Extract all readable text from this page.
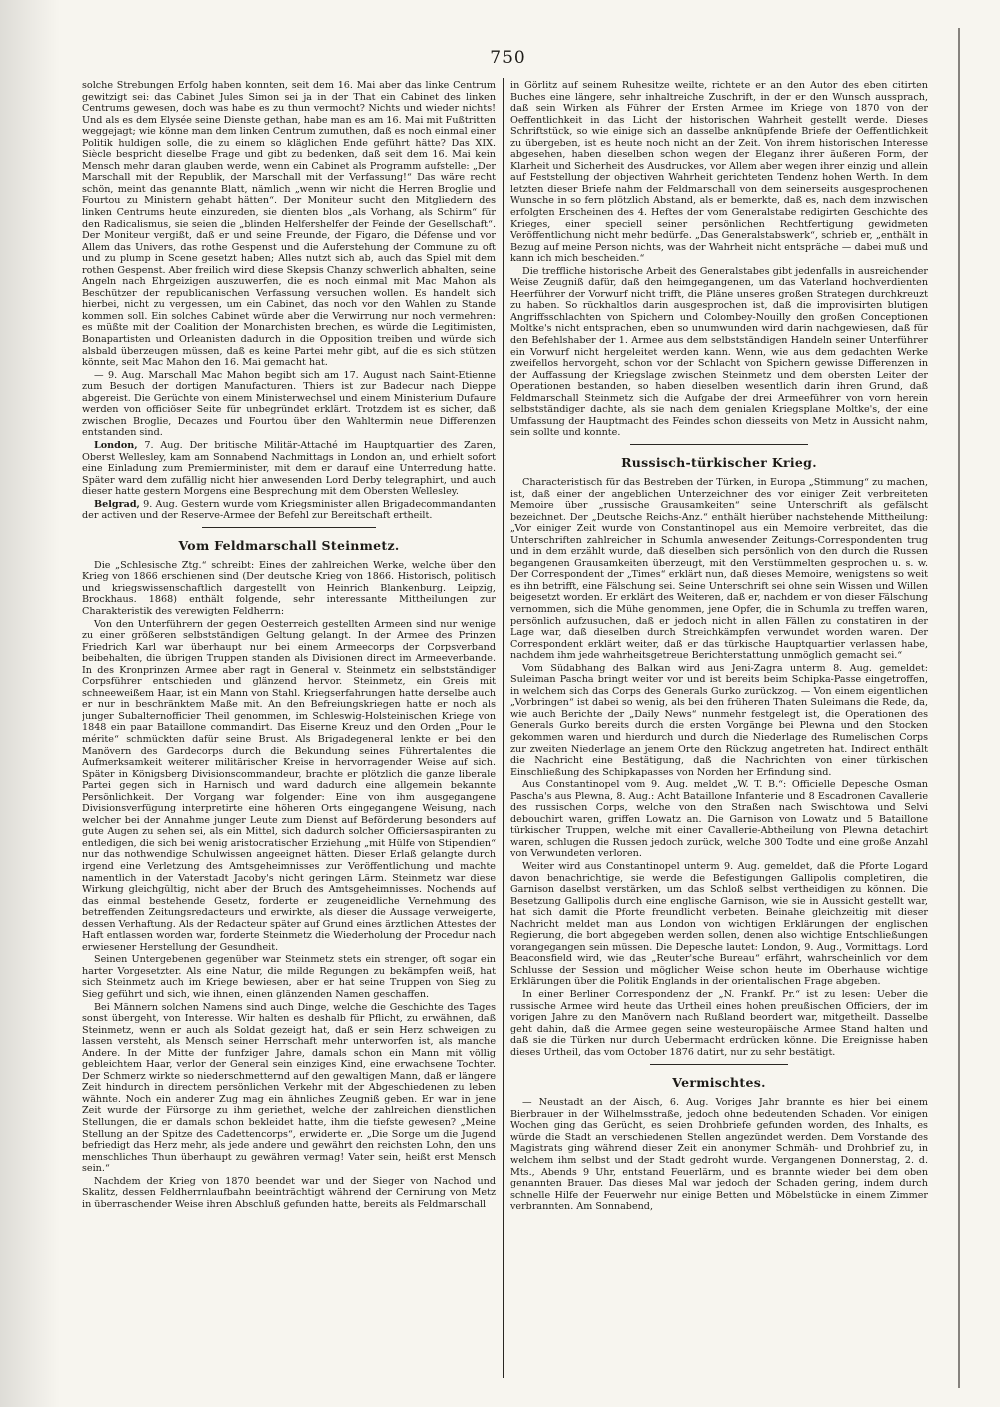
750

solche Strebungen Erfolg haben konnten, seit dem 16. Mai aber das linke Centrum gewitzigt sei: das Cabinet Jules Simon sei ja in der That ein Cabinet des linken Centrums gewesen, doch was habe es zu thun vermocht? Nichts und wieder nichts! Und als es dem Elysée seine Dienste gethan, habe man es am 16. Mai mit Fußtritten weggejagt; wie könne man dem linken Centrum zumuthen, daß es noch einmal einer Politik huldigen solle, die zu einem so kläglichen Ende geführt hätte? Das XIX. Siècle bespricht dieselbe Frage und gibt zu bedenken, daß seit dem 16. Mai kein Mensch mehr daran glauben werde, wenn ein Cabinet als Programm aufstelle: „Der Marschall mit der Republik, der Marschall mit der Verfassung!“ Das wäre recht schön, meint das genannte Blatt, nämlich „wenn wir nicht die Herren Broglie und Fourtou zu Ministern gehabt hätten“. Der Moniteur sucht den Mitgliedern des linken Centrums heute einzureden, sie dienten blos „als Vorhang, als Schirm“ für den Radicalismus, sie seien die „blinden Helfershelfer der Feinde der Gesellschaft“. Der Moniteur vergißt, daß er und seine Freunde, der Figaro, die Défense und vor Allem das Univers, das rothe Gespenst und die Auferstehung der Commune zu oft und zu plump in Scene gesetzt haben; Alles nutzt sich ab, auch das Spiel mit dem rothen Gespenst. Aber freilich wird diese Skepsis Chanzy schwerlich abhalten, seine Angeln nach Ehrgeizigen auszuwerfen, die es noch einmal mit Mac Mahon als Beschützer der republicanischen Verfassung versuchen wollen. Es handelt sich hierbei, nicht zu vergessen, um ein Cabinet, das noch vor den Wahlen zu Stande kommen soll. Ein solches Cabinet würde aber die Verwirrung nur noch vermehren: es müßte mit der Coalition der Monarchisten brechen, es würde die Legitimisten, Bonapartisten und Orleanisten dadurch in die Opposition treiben und würde sich alsbald überzeugen müssen, daß es keine Partei mehr gibt, auf die es sich stützen könnte, seit Mac Mahon den 16. Mai gemacht hat.

— 9. Aug. Marschall Mac Mahon begibt sich am 17. August nach Saint-Etienne zum Besuch der dortigen Manufacturen. Thiers ist zur Badecur nach Dieppe abgereist. Die Gerüchte von einem Ministerwechsel und einem Ministerium Dufaure werden von officiöser Seite für unbegründet erklärt. Trotzdem ist es sicher, daß zwischen Broglie, Decazes und Fourtou über den Wahltermin neue Differenzen entstanden sind.

London, 7. Aug. Der britische Militär-Attaché im Hauptquartier des Zaren, Oberst Wellesley, kam am Sonnabend Nachmittags in London an, und erhielt sofort eine Einladung zum Premierminister, mit dem er darauf eine Unterredung hatte. Später ward dem zufällig nicht hier anwesenden Lord Derby telegraphirt, und auch dieser hatte gestern Morgens eine Besprechung mit dem Obersten Wellesley.

Belgrad, 9. Aug. Gestern wurde vom Kriegsminister allen Brigadecommandanten der activen und der Reserve-Armee der Befehl zur Bereitschaft ertheilt.

Vom Feldmarschall Steinmetz.

Die „Schlesische Ztg.“ schreibt: Eines der zahlreichen Werke, welche über den Krieg von 1866 erschienen sind (Der deutsche Krieg von 1866. Historisch, politisch und kriegswissenschaftlich dargestellt von Heinrich Blankenburg. Leipzig, Brockhaus. 1868) enthält folgende, sehr interessante Mittheilungen zur Charakteristik des verewigten Feldherrn:

Von den Unterführern der gegen Oesterreich gestellten Armeen sind nur wenige zu einer größeren selbstständigen Geltung gelangt. In der Armee des Prinzen Friedrich Karl war überhaupt nur bei einem Armeecorps der Corpsverband beibehalten, die übrigen Truppen standen als Divisionen direct im Armeeverbande. In des Kronprinzen Armee aber ragt in General v. Steinmetz ein selbstständiger Corpsführer entschieden und glänzend hervor. Steinmetz, ein Greis mit schneeweißem Haar, ist ein Mann von Stahl. Kriegserfahrungen hatte derselbe auch er nur in beschränktem Maße mit. An den Befreiungskriegen hatte er noch als junger Subalternofficier Theil genommen, im Schleswig-Holsteinischen Kriege von 1848 ein paar Bataillone commandirt. Das Eiserne Kreuz und den Orden „Pour le mérite“ schmückten dafür seine Brust. Als Brigadegeneral lenkte er bei den Manövern des Gardecorps durch die Bekundung seines Führertalentes die Aufmerksamkeit weiterer militärischer Kreise in hervorragender Weise auf sich. Später in Königsberg Divisionscommandeur, brachte er plötzlich die ganze liberale Partei gegen sich in Harnisch und ward dadurch eine allgemein bekannte Persönlichkeit. Der Vorgang war folgender: Eine von ihm ausgegangene Divisionsverfügung interpretirte eine höheren Orts eingegangene Weisung, nach welcher bei der Annahme junger Leute zum Dienst auf Beförderung besonders auf gute Augen zu sehen sei, als ein Mittel, sich dadurch solcher Officiersaspiranten zu entledigen, die sich bei wenig aristocratischer Erziehung „mit Hülfe von Stipendien“ nur das nothwendige Schulwissen angeeignet hätten. Dieser Erlaß gelangte durch irgend eine Verletzung des Amtsgeheimnisses zur Veröffentlichung und machte namentlich in der Vaterstadt Jacoby's nicht geringen Lärm. Steinmetz war diese Wirkung gleichgültig, nicht aber der Bruch des Amtsgeheimnisses. Nochends auf das einmal bestehende Gesetz, forderte er zeugeneidliche Vernehmung des betreffenden Zeitungsredacteurs und erwirkte, als dieser die Aussage verweigerte, dessen Verhaftung. Als der Redacteur später auf Grund eines ärztlichen Attestes der Haft entlassen worden war, forderte Steinmetz die Wiederholung der Procedur nach erwiesener Herstellung der Gesundheit.

Seinen Untergebenen gegenüber war Steinmetz stets ein strenger, oft sogar ein harter Vorgesetzter. Als eine Natur, die milde Regungen zu bekämpfen weiß, hat sich Steinmetz auch im Kriege bewiesen, aber er hat seine Truppen von Sieg zu Sieg geführt und sich, wie ihnen, einen glänzenden Namen geschaffen.

Bei Männern solchen Namens sind auch Dinge, welche die Geschichte des Tages sonst übergeht, von Interesse. Wir halten es deshalb für Pflicht, zu erwähnen, daß Steinmetz, wenn er auch als Soldat gezeigt hat, daß er sein Herz schweigen zu lassen versteht, als Mensch seiner Herrschaft mehr unterworfen ist, als manche Andere. In der Mitte der funfziger Jahre, damals schon ein Mann mit völlig gebleichtem Haar, verlor der General sein einziges Kind, eine erwachsene Tochter. Der Schmerz wirkte so niederschmetternd auf den gewaltigen Mann, daß er längere Zeit hindurch in directem persönlichen Verkehr mit der Abgeschiedenen zu leben wähnte. Noch ein anderer Zug mag ein ähnliches Zeugniß geben. Er war in jene Zeit wurde der Fürsorge zu ihm geriethet, welche der zahlreichen dienstlichen Stellungen, die er damals schon bekleidet hatte, ihm die tiefste gewesen? „Meine Stellung an der Spitze des Cadettencorps“, erwiderte er. „Die Sorge um die Jugend befriedigt das Herz mehr, als jede andere und gewährt den reichsten Lohn, den uns menschliches Thun überhaupt zu gewähren vermag! Vater sein, heißt erst Mensch sein.“

Nachdem der Krieg von 1870 beendet war und der Sieger von Nachod und Skalitz, dessen Feldherrnlaufbahn beeinträchtigt während der Cernirung von Metz in überraschender Weise ihren Abschluß gefunden hatte, bereits als Feldmarschall

in Görlitz auf seinem Ruhesitze weilte, richtete er an den Autor des eben citirten Buches eine längere, sehr inhaltreiche Zuschrift, in der er den Wunsch aussprach, daß sein Wirken als Führer der Ersten Armee im Kriege von 1870 von der Oeffentlichkeit in das Licht der historischen Wahrheit gestellt werde. Dieses Schriftstück, so wie einige sich an dasselbe anknüpfende Briefe der Oeffentlichkeit zu übergeben, ist es heute noch nicht an der Zeit. Von ihrem historischen Interesse abgesehen, haben dieselben schon wegen der Eleganz ihrer äußeren Form, der Klarheit und Sicherheit des Ausdruckes, vor Allem aber wegen ihrer einzig und allein auf Feststellung der objectiven Wahrheit gerichteten Tendenz hohen Werth. In dem letzten dieser Briefe nahm der Feldmarschall von dem seinerseits ausgesprochenen Wunsche in so fern plötzlich Abstand, als er bemerkte, daß es, nach dem inzwischen erfolgten Erscheinen des 4. Heftes der vom Generalstabe redigirten Geschichte des Krieges, einer speciell seiner persönlichen Rechtfertigung gewidmeten Veröffentlichung nicht mehr bedürfe. „Das Generalstabswerk“, schrieb er, „enthält in Bezug auf meine Person nichts, was der Wahrheit nicht entspräche — dabei muß und kann ich mich bescheiden.“

Die treffliche historische Arbeit des Generalstabes gibt jedenfalls in ausreichender Weise Zeugniß dafür, daß den heimgegangenen, um das Vaterland hochverdienten Heerführer der Vorwurf nicht trifft, die Pläne unseres großen Strategen durchkreuzt zu haben. So rückhaltlos darin ausgesprochen ist, daß die improvisirten blutigen Angriffsschlachten von Spichern und Colombey-Nouilly den großen Conceptionen Moltke's nicht entsprachen, eben so unumwunden wird darin nachgewiesen, daß für den Befehlshaber der 1. Armee aus dem selbstständigen Handeln seiner Unterführer ein Vorwurf nicht hergeleitet werden kann. Wenn, wie aus dem gedachten Werke zweifellos hervorgeht, schon vor der Schlacht von Spichern gewisse Differenzen in der Auffassung der Kriegslage zwischen Steinmetz und dem obersten Leiter der Operationen bestanden, so haben dieselben wesentlich darin ihren Grund, daß Feldmarschall Steinmetz sich die Aufgabe der drei Armeeführer von vorn herein selbstständiger dachte, als sie nach dem genialen Kriegsplane Moltke's, der eine Umfassung der Hauptmacht des Feindes schon diesseits von Metz in Aussicht nahm, sein sollte und konnte.

Russisch-türkischer Krieg.

Characteristisch für das Bestreben der Türken, in Europa „Stimmung“ zu machen, ist, daß einer der angeblichen Unterzeichner des vor einiger Zeit verbreiteten Memoire über „russische Grausamkeiten“ seine Unterschrift als gefälscht bezeichnet. Der „Deutsche Reichs-Anz.“ enthält hierüber nachstehende Mittheilung: „Vor einiger Zeit wurde von Constantinopel aus ein Memoire verbreitet, das die Unterschriften zahlreicher in Schumla anwesender Zeitungs-Correspondenten trug und in dem erzählt wurde, daß dieselben sich persönlich von den durch die Russen begangenen Grausamkeiten überzeugt, mit den Verstümmelten gesprochen u. s. w. Der Correspondent der „Times“ erklärt nun, daß dieses Memoire, wenigstens so weit es ihn betrifft, eine Fälschung sei. Seine Unterschrift sei ohne sein Wissen und Willen beigesetzt worden. Er erklärt des Weiteren, daß er, nachdem er von dieser Fälschung vernommen, sich die Mühe genommen, jene Opfer, die in Schumla zu treffen waren, persönlich aufzusuchen, daß er jedoch nicht in allen Fällen zu constatiren in der Lage war, daß dieselben durch Streichkämpfen verwundet worden waren. Der Correspondent erklärt weiter, daß er das türkische Hauptquartier verlassen habe, nachdem ihm jede wahrheitsgetreue Berichterstattung unmöglich gemacht sei.“

Vom Südabhang des Balkan wird aus Jeni-Zagra unterm 8. Aug. gemeldet: Suleiman Pascha bringt weiter vor und ist bereits beim Schipka-Passe eingetroffen, in welchem sich das Corps des Generals Gurko zurückzog. — Von einem eigentlichen „Vorbringen“ ist dabei so wenig, als bei den früheren Thaten Suleimans die Rede, da, wie auch Berichte der „Daily News“ nunmehr festgelegt ist, die Operationen des Generals Gurko bereits durch die ersten Vorgänge bei Plewna und den Stocken gekommen waren und hierdurch und durch die Niederlage des Rumelischen Corps zur zweiten Niederlage an jenem Orte den Rückzug angetreten hat. Indirect enthält die Nachricht eine Bestätigung, daß die Nachrichten von einer türkischen Einschließung des Schipkapasses von Norden her Erfindung sind.

Aus Constantinopel vom 9. Aug. meldet „W. T. B.“: Officielle Depesche Osman Pascha's aus Plewna, 8. Aug.: Acht Bataillone Infanterie und 8 Escadronen Cavallerie des russischen Corps, welche von den Straßen nach Swischtowa und Selvi debouchirt waren, griffen Lowatz an. Die Garnison von Lowatz und 5 Bataillone türkischer Truppen, welche mit einer Cavallerie-Abtheilung von Plewna detachirt waren, schlugen die Russen jedoch zurück, welche 300 Todte und eine große Anzahl von Verwundeten verloren.

Weiter wird aus Constantinopel unterm 9. Aug. gemeldet, daß die Pforte Logard davon benachrichtige, sie werde die Befestigungen Gallipolis completiren, die Garnison daselbst verstärken, um das Schloß selbst vertheidigen zu können. Die Besetzung Gallipolis durch eine englische Garnison, wie sie in Aussicht gestellt war, hat sich damit die Pforte freundlicht verbeten. Beinahe gleichzeitig mit dieser Nachricht meldet man aus London von wichtigen Erklärungen der englischen Regierung, die bort abgegeben werden sollen, denen also wichtige Entschließungen vorangegangen sein müssen. Die Depesche lautet: London, 9. Aug., Vormittags. Lord Beaconsfield wird, wie das „Reuter'sche Bureau“ erfährt, wahrscheinlich vor dem Schlusse der Session und möglicher Weise schon heute im Oberhause wichtige Erklärungen über die Politik Englands in der orientalischen Frage abgeben.

In einer Berliner Correspondenz der „N. Frankf. Pr.“ ist zu lesen: Ueber die russische Armee wird heute das Urtheil eines hohen preußischen Officiers, der im vorigen Jahre zu den Manövern nach Rußland beordert war, mitgetheilt. Dasselbe geht dahin, daß die Armee gegen seine westeuropäische Armee Stand halten und daß sie die Türken nur durch Uebermacht erdrücken könne. Die Ereignisse haben dieses Urtheil, das vom October 1876 datirt, nur zu sehr bestätigt.

Vermischtes.

— Neustadt an der Aisch, 6. Aug. Voriges Jahr brannte es hier bei einem Bierbrauer in der Wilhelmsstraße, jedoch ohne bedeutenden Schaden. Vor einigen Wochen ging das Gerücht, es seien Drohbriefe gefunden worden, des Inhalts, es würde die Stadt an verschiedenen Stellen angezündet werden. Dem Vorstande des Magistrats ging während dieser Zeit ein anonymer Schmäh- und Drohbrief zu, in welchem ihm selbst und der Stadt gedroht wurde. Vergangenen Donnerstag, 2. d. Mts., Abends 9 Uhr, entstand Feuerlärm, und es brannte wieder bei dem oben genannten Brauer. Das dieses Mal war jedoch der Schaden gering, indem durch schnelle Hilfe der Feuerwehr nur einige Betten und Möbelstücke in einem Zimmer verbrannten. Am Sonnabend,
